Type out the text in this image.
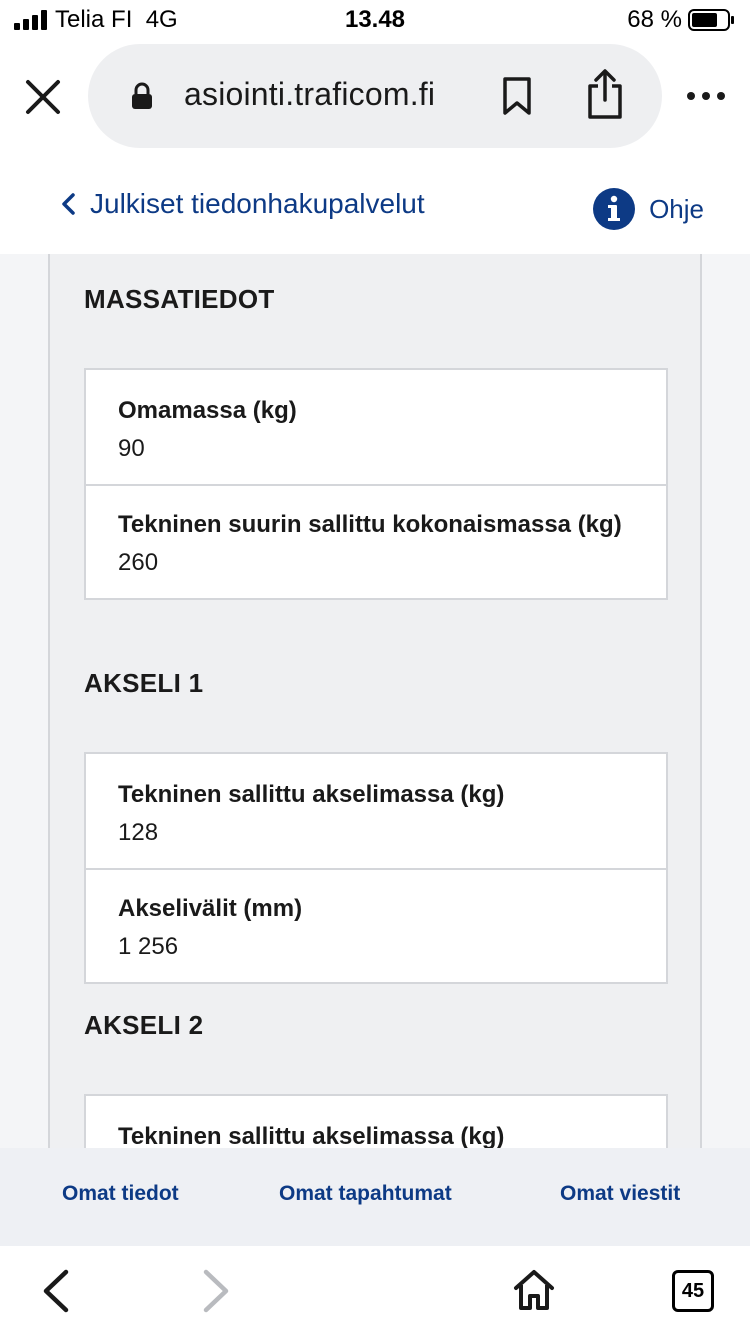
Telia FI 4G	13.48	68 %
asiointi.traficom.fi
Julkiset tiedonhakupalvelut	Ohje
MASSATIEDOT
Omamassa (kg)
90
Tekninen suurin sallittu kokonaismassa (kg)
260
AKSELI 1
Tekninen sallittu akselimassa (kg)
128
Akselivälit (mm)
1 256
AKSELI 2
Tekninen sallittu akselimassa (kg)
Omat tiedot	Omat tapahtumat	Omat viestit
45
